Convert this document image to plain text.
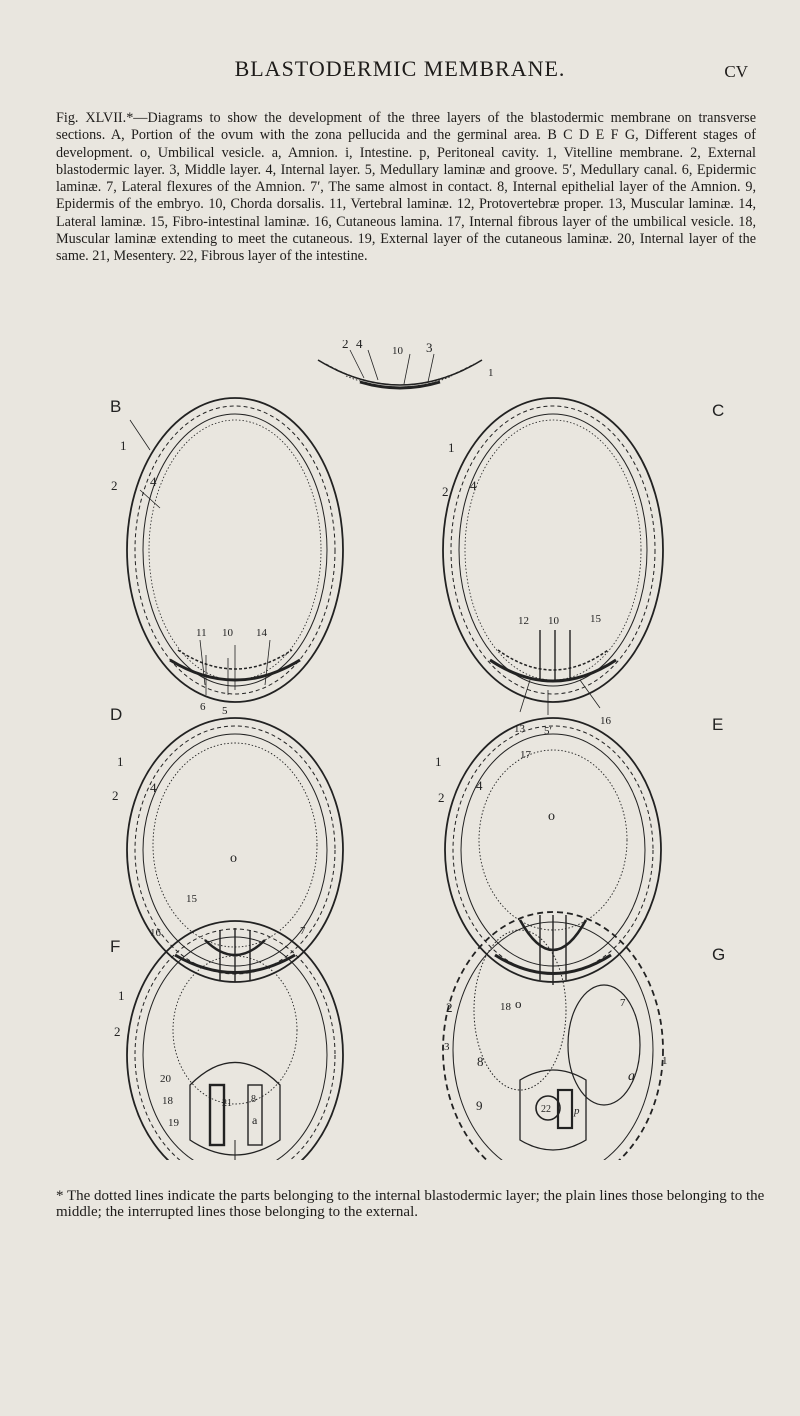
BLASTODERMIC MEMBRANE.	CV
Fig. XLVII.*—Diagrams to show the development of the three layers of the blastodermic membrane on transverse sections. A, Portion of the ovum with the zona pellucida and the germinal area. B C D E F G, Different stages of development. o, Umbilical vesicle. a, Amnion. i, Intestine. p, Peritoneal cavity. 1, Vitelline membrane. 2, External blastodermic layer. 3, Middle layer. 4, Internal layer. 5, Medullary laminæ and groove. 5′, Medullary canal. 6, Epidermic laminæ. 7, Lateral flexures of the Amnion. 7′, The same almost in contact. 8, Internal epithelial layer of the Amnion. 9, Epidermis of the embryo. 10, Chorda dorsalis. 11, Vertebral laminæ. 12, Protovertebræ proper. 13, Muscular laminæ. 14, Lateral laminæ. 15, Fibro-intestinal laminæ. 16, Cutaneous lamina. 17, Internal fibrous layer of the umbilical vesicle. 18, Muscular laminæ extending to meet the cutaneous. 19, External layer of the cutaneous laminæ. 20, Internal layer of the same. 21, Mesentery. 22, Fibrous layer of the intestine.
2 4	10 3
1
B
1
2	4
11 10 14
6 5
C
1
2 4
12 10	15
13 5′
16
D
1
2
4
o
15
16	7
E
1
2
17
4
o
18	7
F
1
2
20
18
19
21 8
a
G
o
a
2
3
8
22 p
9
1
* The dotted lines indicate the parts belonging to the internal blastodermic layer; the plain lines those belonging to the middle; the interrupted lines those belonging to the external.
